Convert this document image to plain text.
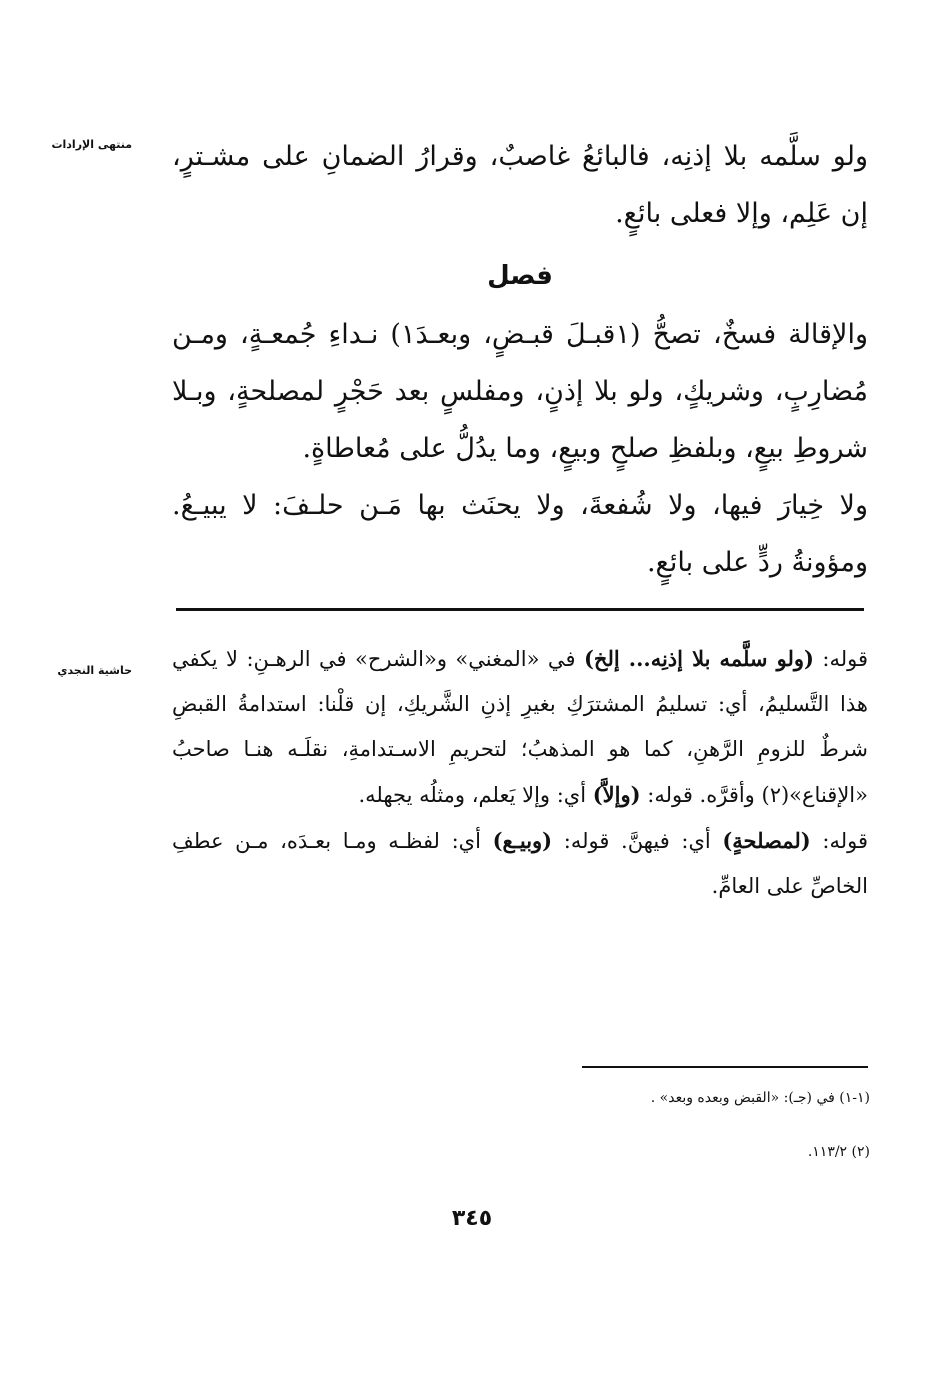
منتهى الإرادات ولو سلَّمه بلا إذنِه، فالبائعُ غاصبٌ، وقرارُ الضمانِ على مشـترٍ، إن عَلِم، وإلا فعلى بائعٍ.

فصل

والإقالة فسخٌ، تصحُّ (١قبـلَ قبـضٍ، وبعـدَ١) نـداءِ جُمعـةٍ، ومـن مُضارِبٍ، وشريكٍ، ولو بلا إذنٍ، ومفلسٍ بعد حَجْرٍ لمصلحةٍ، وبـلا شروطِ بيعٍ، وبلفظِ صلحٍ وبيعٍ، وما يدُلُّ على مُعاطاةٍ.

ولا خِيارَ فيها، ولا شُفعةَ، ولا يحنَث بها مَـن حلـفَ: لا يبيـعُ. ومؤونةُ ردٍّ على بائعٍ.

حاشية النجدي	قوله: (ولو سلَّمه بلا إذنِه... إلخ) في «المغني» و«الشرح» في الرهـنِ: لا يكفي هذا التَّسليمُ، أي: تسليمُ المشترَكِ بغيرِ إذنِ الشَّريكِ، إن قلْنا: استدامةُ القبضِ شرطٌ للزومِ الرَّهنِ، كما هو المذهبُ؛ لتحريمِ الاسـتدامةِ، نقلَـه هنـا صاحبُ «الإقناع»(٢) وأقرَّه. قوله: (وإلاَّ) أي: وإلا يَعلم، ومثلُه يجهله.

قوله: (لمصلحةٍ) أي: فيهنَّ. قوله: (وبيـع) أي: لفظـه ومـا بعـدَه، مـن عطفِ الخاصِّ على العامِّ.

(١-١) في (جـ): «القبض وبعده وبعد» .

(٢) ١١٣/٢.

٣٤٥
